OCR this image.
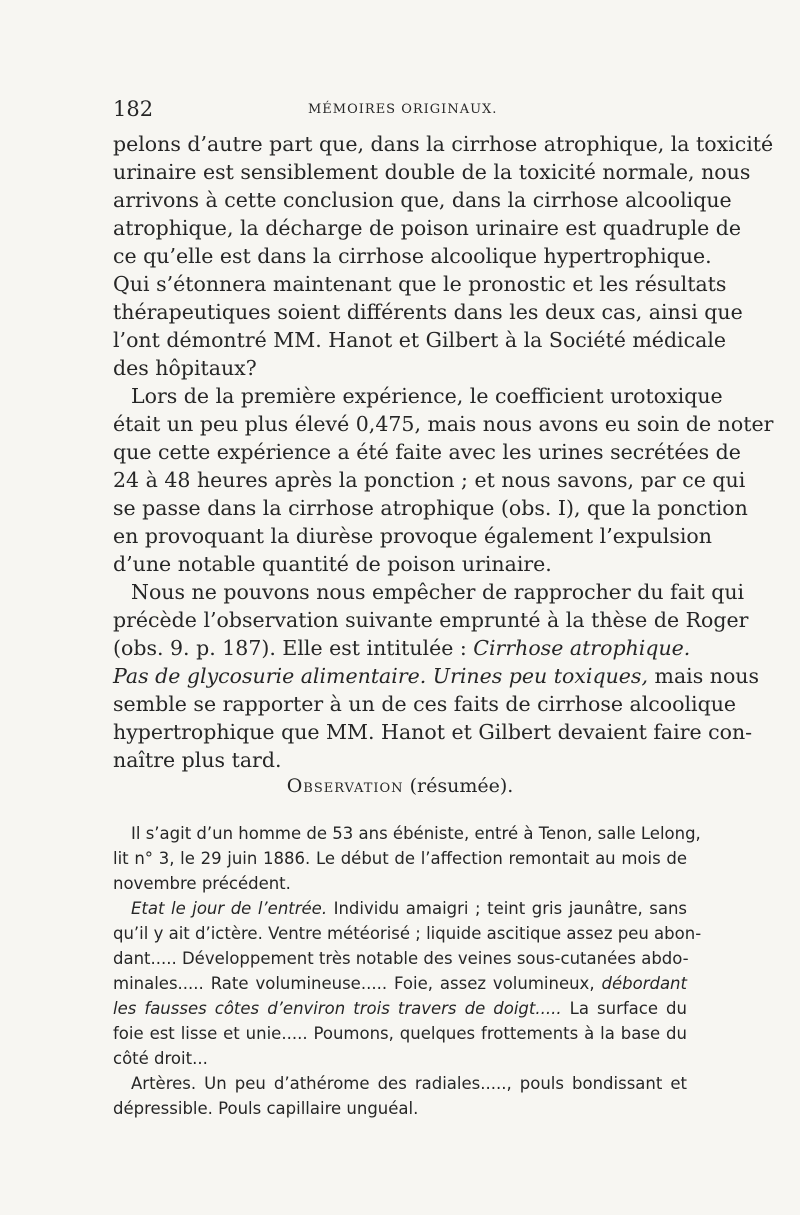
182	MÉMOIRES ORIGINAUX.
pelons d’autre part que, dans la cirrhose atrophique, la toxicité
urinaire est sensiblement double de la toxicité normale, nous
arrivons à cette conclusion que, dans la cirrhose alcoolique
atrophique, la décharge de poison urinaire est quadruple de
ce qu’elle est dans la cirrhose alcoolique hypertrophique.
Qui s’étonnera maintenant que le pronostic et les résultats
thérapeutiques soient différents dans les deux cas, ainsi que
l’ont démontré MM. Hanot et Gilbert à la Société médicale
des hôpitaux?
Lors de la première expérience, le coefficient urotoxique
était un peu plus élevé 0,475, mais nous avons eu soin de noter
que cette expérience a été faite avec les urines secrétées de
24 à 48 heures après la ponction ; et nous savons, par ce qui
se passe dans la cirrhose atrophique (obs. I), que la ponction
en provoquant la diurèse provoque également l’expulsion
d’une notable quantité de poison urinaire.
Nous ne pouvons nous empêcher de rapprocher du fait qui
précède l’observation suivante emprunté à la thèse de Roger
(obs. 9. p. 187). Elle est intitulée : Cirrhose atrophique.
Pas de glycosurie alimentaire. Urines peu toxiques, mais nous
semble se rapporter à un de ces faits de cirrhose alcoolique
hypertrophique que MM. Hanot et Gilbert devaient faire con-
naître plus tard.
Observation (résumée).
Il s’agit d’un homme de 53 ans ébéniste, entré à Tenon, salle Lelong,
lit n° 3, le 29 juin 1886. Le début de l’affection remontait au mois de
novembre précédent.
Etat le jour de l’entrée. Individu amaigri ; teint gris jaunâtre, sans
qu’il y ait d’ictère. Ventre météorisé ; liquide ascitique assez peu abon-
dant..... Développement très notable des veines sous-cutanées abdo-
minales..... Rate volumineuse..... Foie, assez volumineux, débordant
les fausses côtes d’environ trois travers de doigt..... La surface du
foie est lisse et unie..... Poumons, quelques frottements à la base du
côté droit...
Artères. Un peu d’athérome des radiales....., pouls bondissant et
dépressible. Pouls capillaire unguéal.
